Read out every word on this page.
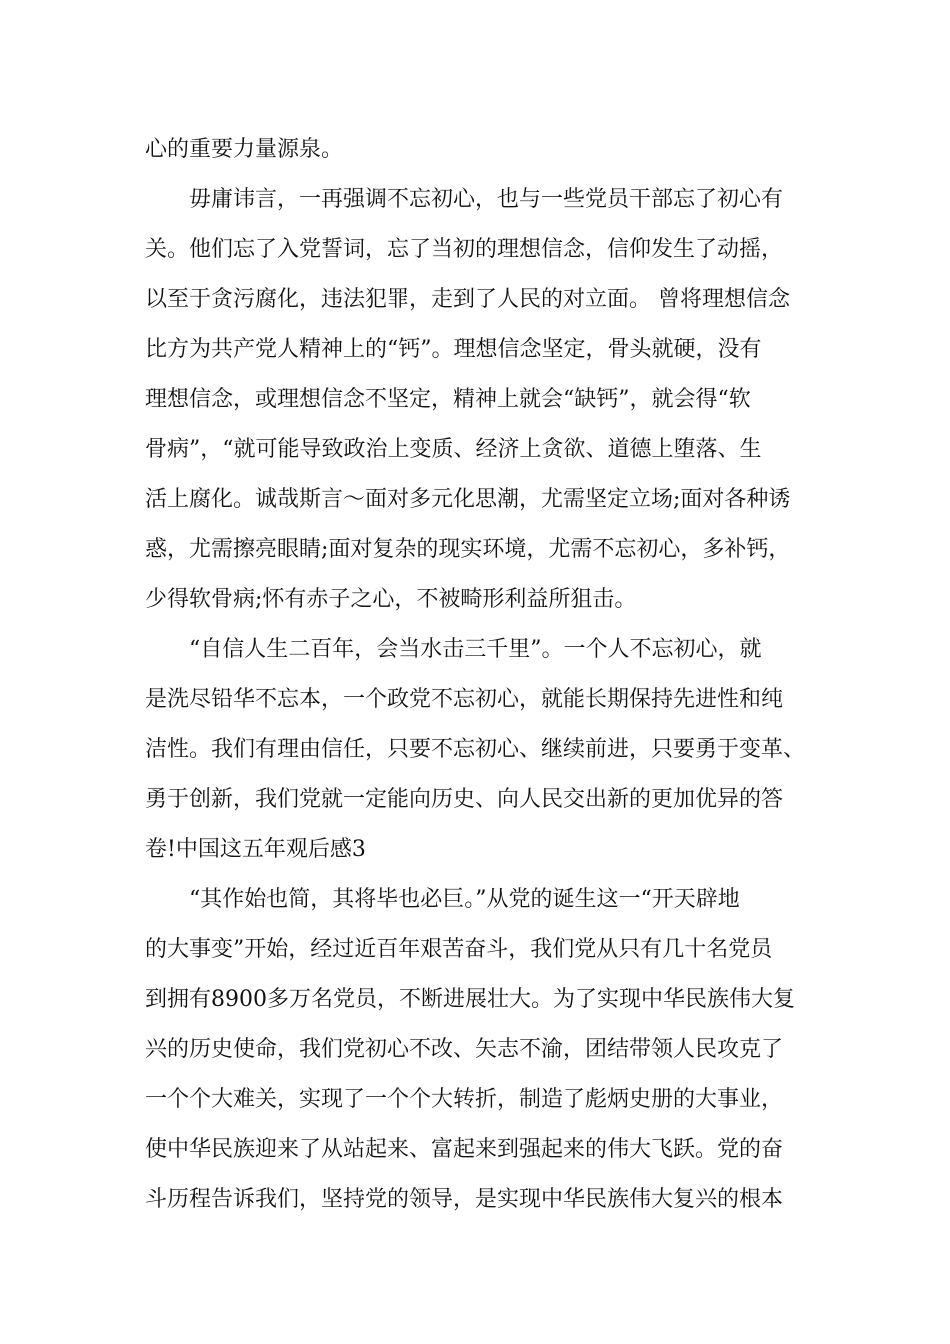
心的重要力量源泉。
毋庸讳言，一再强调不忘初心，也与一些党员干部忘了初心有
关。他们忘了入党誓词，忘了当初的理想信念，信仰发生了动摇，
以至于贪污腐化，违法犯罪，走到了人民的对立面。 曾将理想信念
比方为共产党人精神上的“钙”。理想信念坚定，骨头就硬，没有
理想信念，或理想信念不坚定，精神上就会“缺钙”，就会得“软
骨病”，“就可能导致政治上变质、经济上贪欲、道德上堕落、生
活上腐化。诚哉斯言～面对多元化思潮，尤需坚定立场;面对各种诱
惑，尤需擦亮眼睛;面对复杂的现实环境，尤需不忘初心，多补钙，
少得软骨病;怀有赤子之心，不被畸形利益所狙击。
“自信人生二百年，会当水击三千里”。一个人不忘初心，就
是洗尽铅华不忘本，一个政党不忘初心，就能长期保持先进性和纯
洁性。我们有理由信任，只要不忘初心、继续前进，只要勇于变革、
勇于创新，我们党就一定能向历史、向人民交出新的更加优异的答
卷!中国这五年观后感3
“其作始也简，其将毕也必巨。”从党的诞生这一“开天辟地
的大事变”开始，经过近百年艰苦奋斗，我们党从只有几十名党员
到拥有8900多万名党员，不断进展壮大。为了实现中华民族伟大复
兴的历史使命，我们党初心不改、矢志不渝，团结带领人民攻克了
一个个大难关，实现了一个个大转折，制造了彪炳史册的大事业，
使中华民族迎来了从站起来、富起来到强起来的伟大飞跃。党的奋
斗历程告诉我们，坚持党的领导，是实现中华民族伟大复兴的根本
